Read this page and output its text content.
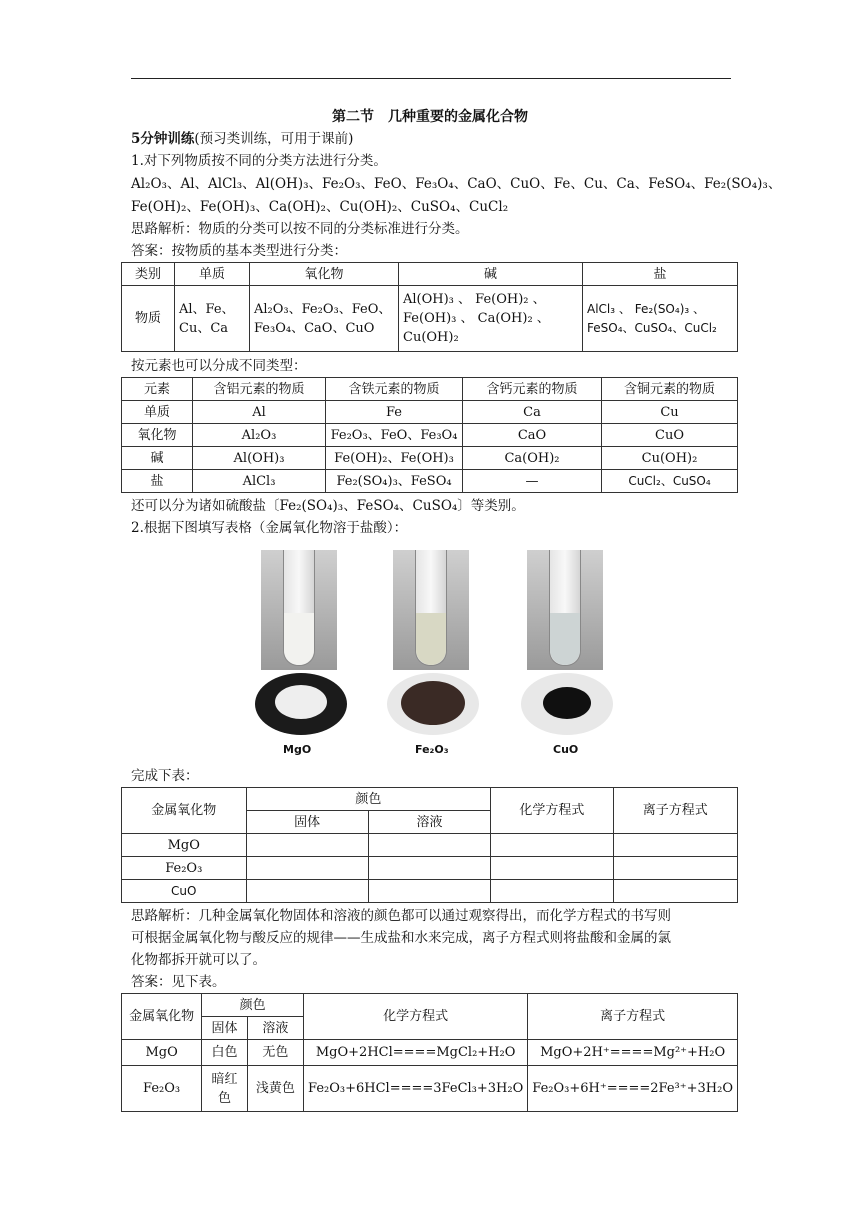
第二节　几种重要的金属化合物
5分钟训练(预习类训练，可用于课前)
1.对下列物质按不同的分类方法进行分类。
Al₂O₃、Al、AlCl₃、Al(OH)₃、Fe₂O₃、FeO、Fe₃O₄、CaO、CuO、Fe、Cu、Ca、FeSO₄、Fe₂(SO₄)₃、
Fe(OH)₂、Fe(OH)₃、Ca(OH)₂、Cu(OH)₂、CuSO₄、CuCl₂
思路解析：物质的分类可以按不同的分类标准进行分类。
答案：按物质的基本类型进行分类：
类别	单质	氧化物	碱	盐
物质	Al、Fe、Cu、Ca	Al₂O₃、Fe₂O₃、FeO、Fe₃O₄、CaO、CuO	Al(OH)₃ 、 Fe(OH)₂ 、 Fe(OH)₃ 、 Ca(OH)₂ 、 Cu(OH)₂	AlCl₃ 、 Fe₂(SO₄)₃ 、 FeSO₄、CuSO₄、CuCl₂
按元素也可以分成不同类型：
元素	含铝元素的物质	含铁元素的物质	含钙元素的物质	含铜元素的物质
单质	Al	Fe	Ca	Cu
氧化物	Al₂O₃	Fe₂O₃、FeO、Fe₃O₄	CaO	CuO
碱	Al(OH)₃	Fe(OH)₂、Fe(OH)₃	Ca(OH)₂	Cu(OH)₂
盐	AlCl₃	Fe₂(SO₄)₃、FeSO₄	—	CuCl₂、CuSO₄
还可以分为诸如硫酸盐〔Fe₂(SO₄)₃、FeSO₄、CuSO₄〕等类别。
2.根据下图填写表格（金属氧化物溶于盐酸）：
MgO	Fe₂O₃	CuO
完成下表：
金属氧化物	颜色		化学方程式	离子方程式
	固体	溶液		
MgO				
Fe₂O₃				
CuO				
思路解析：几种金属氧化物固体和溶液的颜色都可以通过观察得出，而化学方程式的书写则
可根据金属氧化物与酸反应的规律——生成盐和水来完成，离子方程式则将盐酸和金属的氯
化物都拆开就可以了。
答案：见下表。
金属氧化物	颜色		化学方程式	离子方程式
	固体	溶液		
MgO	白色	无色	MgO+2HCl====MgCl₂+H₂O	MgO+2H⁺====Mg²⁺+H₂O
Fe₂O₃	暗红色	浅黄色	Fe₂O₃+6HCl====3FeCl₃+3H₂O	Fe₂O₃+6H⁺====2Fe³⁺+3H₂O
